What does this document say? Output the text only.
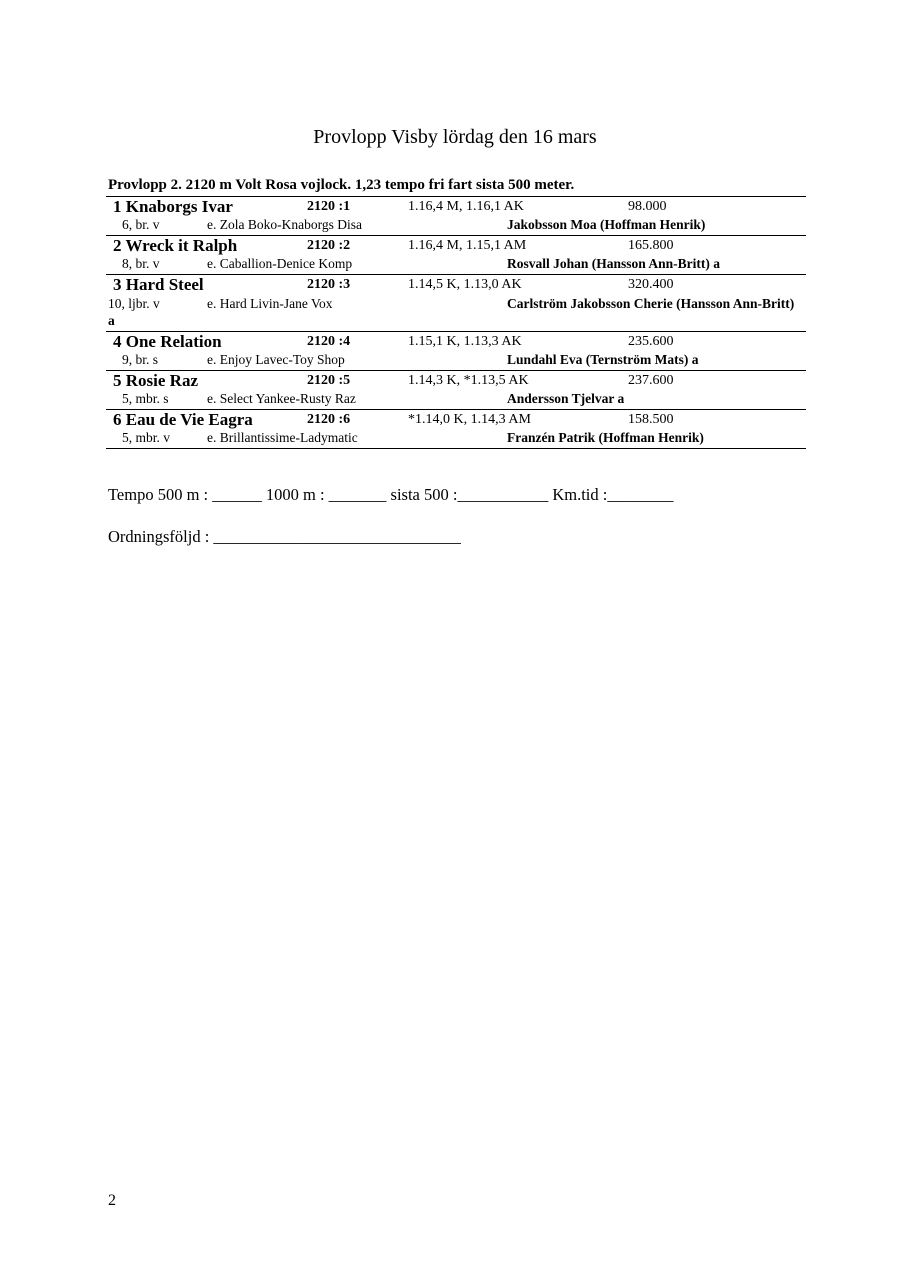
Provlopp Visby lördag den 16 mars
Provlopp 2. 2120 m Volt Rosa vojlock. 1,23 tempo fri fart sista 500 meter.
1 Knaborgs Ivar	2120 :1	1.16,4 M, 1.16,1 AK	98.000
6, br. v	e. Zola Boko-Knaborgs Disa	Jakobsson Moa (Hoffman Henrik)
2 Wreck it Ralph	2120 :2	1.16,4 M, 1.15,1 AM	165.800
8, br. v	e. Caballion-Denice Komp	Rosvall Johan (Hansson Ann-Britt) a
3 Hard Steel	2120 :3	1.14,5 K, 1.13,0 AK	320.400
10, ljbr. v	e. Hard Livin-Jane Vox	Carlström Jakobsson Cherie (Hansson Ann-Britt) a
4 One Relation	2120 :4	1.15,1 K, 1.13,3 AK	235.600
9, br. s	e. Enjoy Lavec-Toy Shop	Lundahl Eva (Ternström Mats) a
5 Rosie Raz	2120 :5	1.14,3 K, *1.13,5 AK	237.600
5, mbr. s	e. Select Yankee-Rusty Raz	Andersson Tjelvar a
6 Eau de Vie Eagra	2120 :6	*1.14,0 K, 1.14,3 AM	158.500
5, mbr. v	e. Brillantissime-Ladymatic	Franzén Patrik (Hoffman Henrik)
Tempo 500 m : ______ 1000 m : _______ sista 500 :___________ Km.tid :________
Ordningsföljd : ______________________________
2
